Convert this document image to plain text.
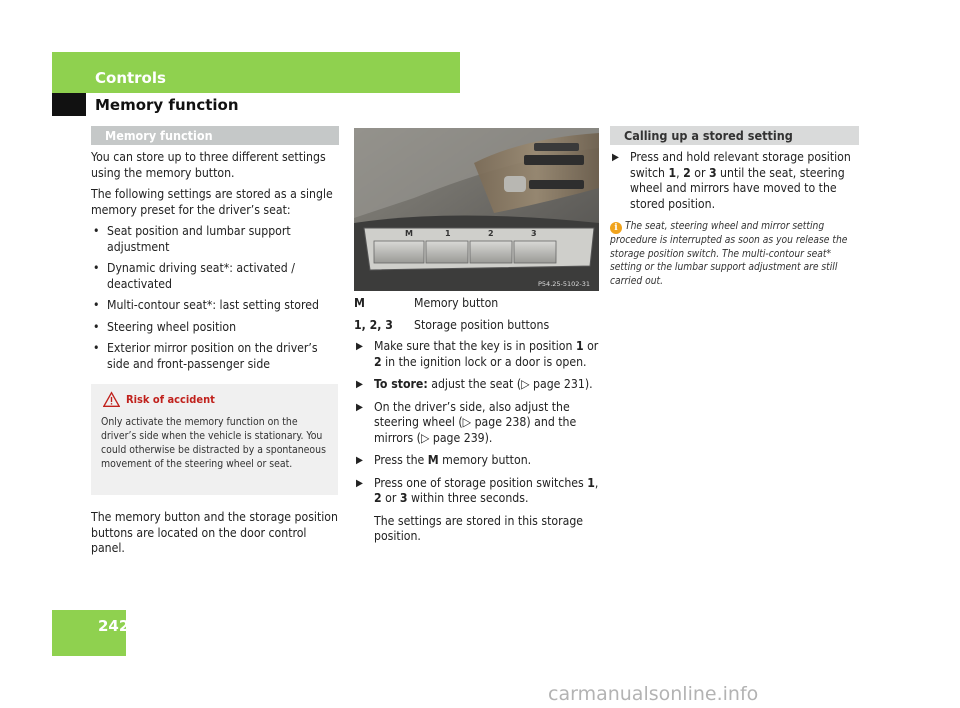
Controls
Memory function
Memory function

You can store up to three different settings using the memory button.

The following settings are stored as a single memory preset for the driver’s seat:

• Seat position and lumbar support adjustment
• Dynamic driving seat*: activated / deactivated
• Multi-contour seat*: last setting stored
• Steering wheel position
• Exterior mirror position on the driver’s side and front-passenger side
Risk of accident
Only activate the memory function on the driver’s side when the vehicle is stationary. You could otherwise be distracted by a spontaneous movement of the steering wheel or seat.
The memory button and the storage position buttons are located on the door control panel.
M	1	2	3
P54.25-5102-31
M	Memory button
1, 2, 3	Storage position buttons
▶ Make sure that the key is in position 1 or 2 in the ignition lock or a door is open.
▶ To store: adjust the seat (▷ page 231).
▶ On the driver’s side, also adjust the steering wheel (▷ page 238) and the mirrors (▷ page 239).
▶ Press the M memory button.
▶ Press one of storage position switches 1, 2 or 3 within three seconds.

The settings are stored in this storage position.

Calling up a stored setting
▶ Press and hold relevant storage position switch 1, 2 or 3 until the seat, steering wheel and mirrors have moved to the stored position.
i The seat, steering wheel and mirror setting procedure is interrupted as soon as you release the storage position switch. The multi-contour seat* setting or the lumbar support adjustment are still carried out.
242
carmanualsonline.info
